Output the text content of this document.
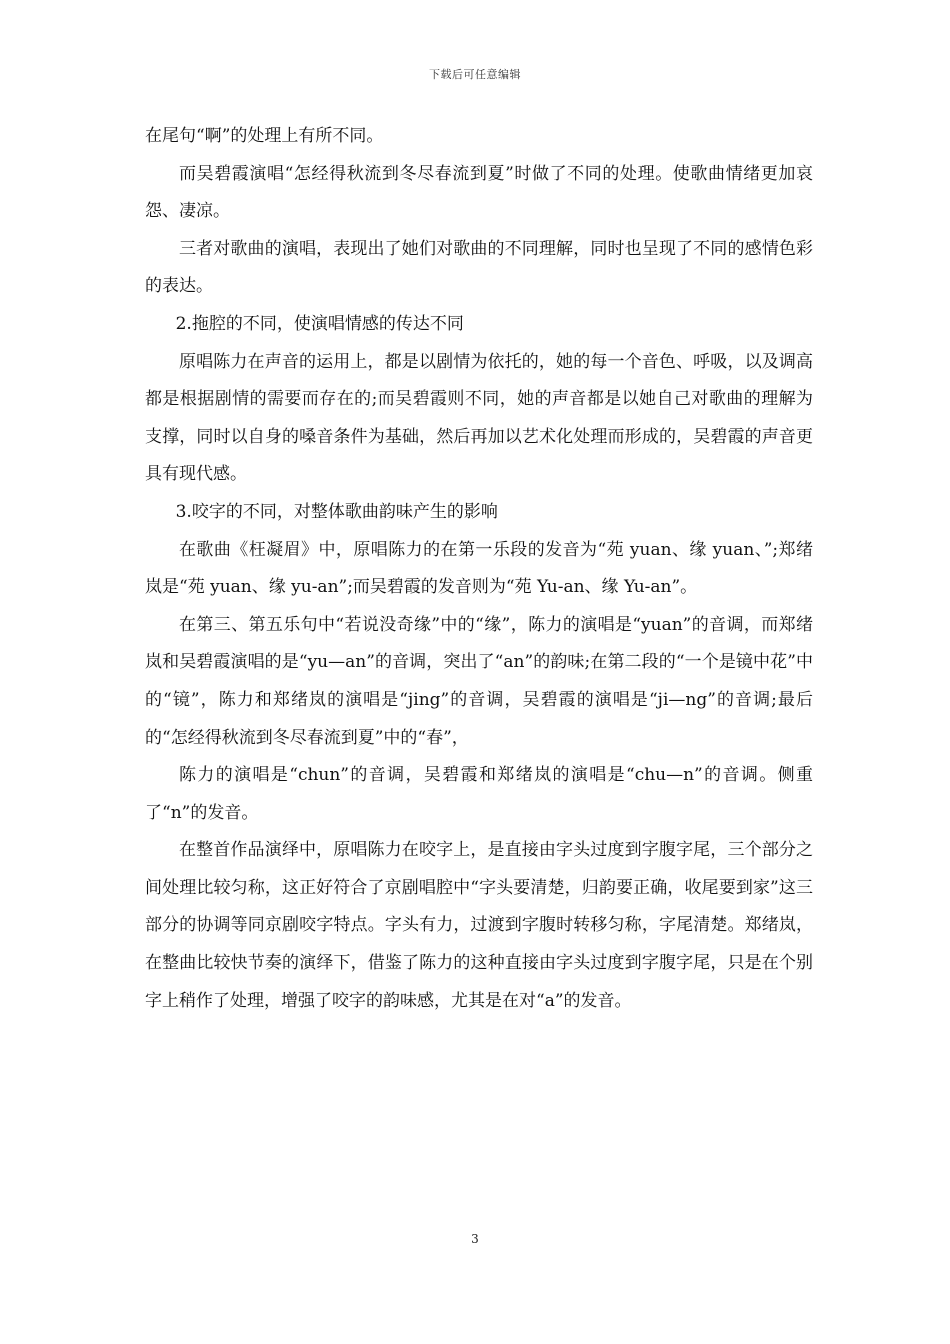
下载后可任意编辑

在尾句“啊”的处理上有所不同。

而吴碧霞演唱“怎经得秋流到冬尽春流到夏”时做了不同的处理。使歌曲情绪更加哀怨、凄凉。

三者对歌曲的演唱，表现出了她们对歌曲的不同理解，同时也呈现了不同的感情色彩的表达。

2.拖腔的不同，使演唱情感的传达不同

原唱陈力在声音的运用上，都是以剧情为依托的，她的每一个音色、呼吸，以及调高都是根据剧情的需要而存在的;而吴碧霞则不同，她的声音都是以她自己对歌曲的理解为支撑，同时以自身的嗓音条件为基础，然后再加以艺术化处理而形成的，吴碧霞的声音更具有现代感。

3.咬字的不同，对整体歌曲韵味产生的影响

在歌曲《枉凝眉》中，原唱陈力的在第一乐段的发音为“苑 yuan、缘 yuan、”;郑绪岚是“苑 yuan、缘 yu-an”;而吴碧霞的发音则为“苑 Yu-an、缘 Yu-an”。

在第三、第五乐句中“若说没奇缘”中的“缘”，陈力的演唱是“yuan”的音调，而郑绪岚和吴碧霞演唱的是“yu—an”的音调，突出了“an”的韵味;在第二段的“一个是镜中花”中的“镜”，陈力和郑绪岚的演唱是“jing”的音调，吴碧霞的演唱是“ji—ng”的音调;最后的“怎经得秋流到冬尽春流到夏”中的“春”，

陈力的演唱是“chun”的音调，吴碧霞和郑绪岚的演唱是“chu—n”的音调。侧重了“n”的发音。

在整首作品演绎中，原唱陈力在咬字上，是直接由字头过度到字腹字尾，三个部分之间处理比较匀称，这正好符合了京剧唱腔中“字头要清楚，归韵要正确，收尾要到家”这三部分的协调等同京剧咬字特点。字头有力，过渡到字腹时转移匀称，字尾清楚。郑绪岚，在整曲比较快节奏的演绎下，借鉴了陈力的这种直接由字头过度到字腹字尾，只是在个别字上稍作了处理，增强了咬字的韵味感，尤其是在对“a”的发音。

3
